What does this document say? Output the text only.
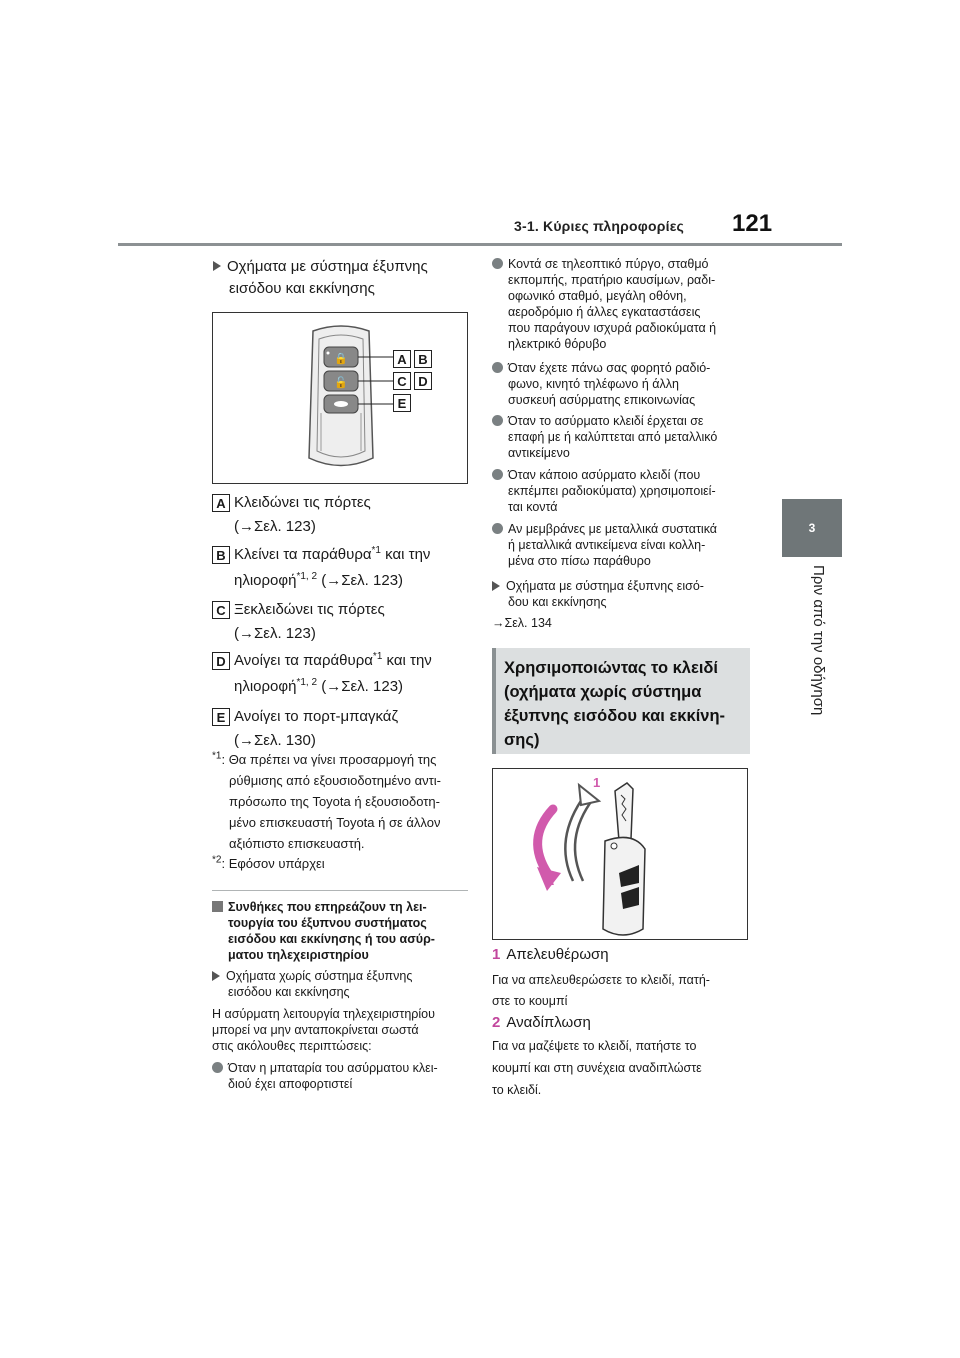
3-1. Κύριες πληροφορίες 121
3
Πριν από την οδήγηση
Οχήματα με σύστημα έξυπνης
εισόδου και εκκίνησης
🔒
🔓
A B
C D
E
A Κλειδώνει τις πόρτες
(→Σελ. 123)
B Κλείνει τα παράθυρα$^{*1}$ και την
ηλιοροφή$^{*1, 2}$ (→Σελ. 123)
C Ξεκλειδώνει τις πόρτες
(→Σελ. 123)
D Ανοίγει τα παράθυρα$^{*1}$ και την
ηλιοροφή$^{*1, 2}$ (→Σελ. 123)
E Ανοίγει το πορτ-μπαγκάζ
(→Σελ. 130)
$^{*1}$: Θα πρέπει να γίνει προσαρμογή της
ρύθμισης από εξουσιοδοτημένο αντι-
πρόσωπο της Toyota ή εξουσιοδοτη-
μένο επισκευαστή Toyota ή σε άλλον
αξιόπιστο επισκευαστή.
$^{*2}$: Εφόσον υπάρχει
Συνθήκες που επηρεάζουν τη λει-
τουργία του έξυπνου συστήματος
εισόδου και εκκίνησης ή του ασύρ-
ματου τηλεχειριστηρίου
Οχήματα χωρίς σύστημα έξυπνης
εισόδου και εκκίνησης
Η ασύρματη λειτουργία τηλεχειριστηρίου
μπορεί να μην ανταποκρίνεται σωστά
στις ακόλουθες περιπτώσεις:
Όταν η μπαταρία του ασύρματου κλει-
διού έχει αποφορτιστεί
Κοντά σε τηλεοπτικό πύργο, σταθμό
εκπομπής, πρατήριο καυσίμων, ραδι-
οφωνικό σταθμό, μεγάλη οθόνη,
αεροδρόμιο ή άλλες εγκαταστάσεις
που παράγουν ισχυρά ραδιοκύματα ή
ηλεκτρικό θόρυβο
Όταν έχετε πάνω σας φορητό ραδιό-
φωνο, κινητό τηλέφωνο ή άλλη
συσκευή ασύρματης επικοινωνίας
Όταν το ασύρματο κλειδί έρχεται σε
επαφή με ή καλύπτεται από μεταλλικό
αντικείμενο
Όταν κάποιο ασύρματο κλειδί (που
εκπέμπει ραδιοκύματα) χρησιμοποιεί-
ται κοντά
Αν μεμβράνες με μεταλλικά συστατικά
ή μεταλλικά αντικείμενα είναι κολλη-
μένα στο πίσω παράθυρο
Οχήματα με σύστημα έξυπνης εισό-
δου και εκκίνησης
→Σελ. 134
Χρησιμοποιώντας το κλειδί
(οχήματα χωρίς σύστημα
έξυπνης εισόδου και εκκίνη-
σης)
1
2
1 Απελευθέρωση
Για να απελευθερώσετε το κλειδί, πατή-
στε το κουμπί
2 Αναδίπλωση
Για να μαζέψετε το κλειδί, πατήστε το
κουμπί και στη συνέχεια αναδιπλώστε
το κλειδί.
